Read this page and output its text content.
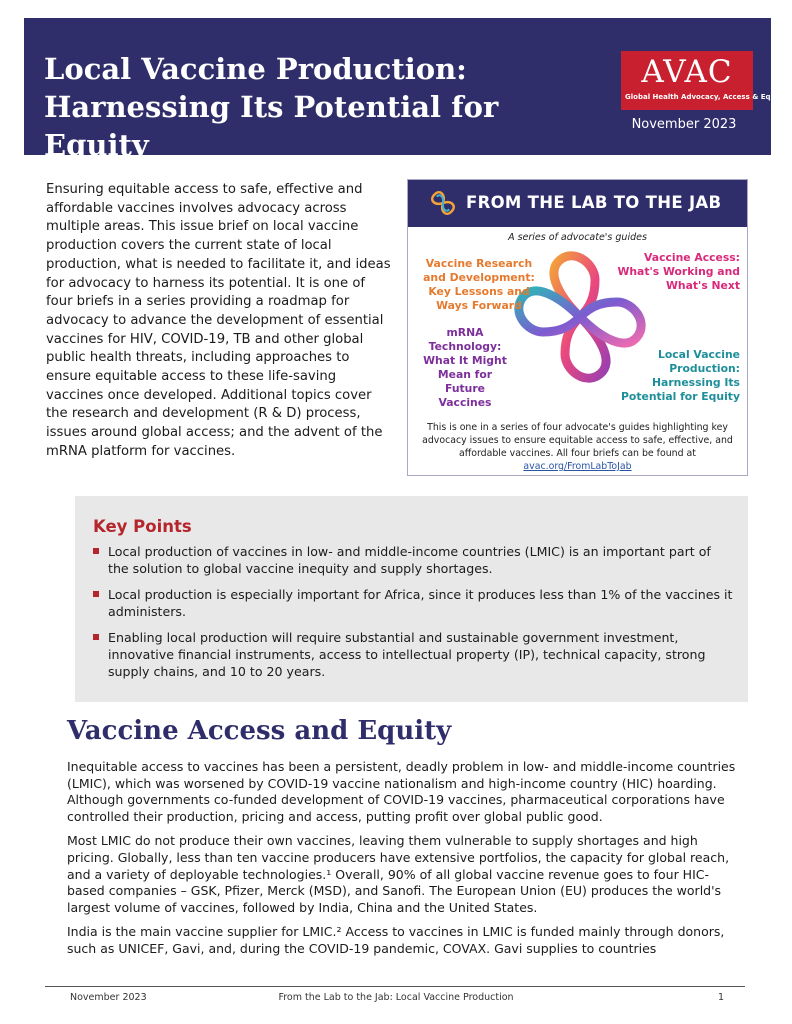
Local Vaccine Production:
Harnessing Its Potential for Equity
AVAC
Global Health Advocacy, Access & Equity
November 2023

Ensuring equitable access to safe, effective and affordable vaccines involves advocacy across multiple areas. This issue brief on local vaccine production covers the current state of local production, what is needed to facilitate it, and ideas for advocacy to harness its potential. It is one of four briefs in a series providing a roadmap for advocacy to advance the development of essential vaccines for HIV, COVID-19, TB and other global public health threats, including approaches to ensure equitable access to these life-saving vaccines once developed. Additional topics cover the research and development (R & D) process, issues around global access; and the advent of the mRNA platform for vaccines.

FROM THE LAB TO THE JAB
A series of advocate's guides
Vaccine Research and Development: Key Lessons and Ways Forward
Vaccine Access: What's Working and What's Next
mRNA Technology: What It Might Mean for Future Vaccines
Local Vaccine Production: Harnessing Its Potential for Equity
This is one in a series of four advocate's guides highlighting key advocacy issues to ensure equitable access to safe, effective, and affordable vaccines. All four briefs can be found at avac.org/FromLabToJab
Key Points
Local production of vaccines in low- and middle-income countries (LMIC) is an important part of the solution to global vaccine inequity and supply shortages.
Local production is especially important for Africa, since it produces less than 1% of the vaccines it administers.
Enabling local production will require substantial and sustainable government investment, innovative financial instruments, access to intellectual property (IP), technical capacity, strong supply chains, and 10 to 20 years.
Vaccine Access and Equity

Inequitable access to vaccines has been a persistent, deadly problem in low- and middle-income countries (LMIC), which was worsened by COVID-19 vaccine nationalism and high-income country (HIC) hoarding. Although governments co-funded development of COVID-19 vaccines, pharmaceutical corporations have controlled their production, pricing and access, putting profit over global public good.

Most LMIC do not produce their own vaccines, leaving them vulnerable to supply shortages and high pricing. Globally, less than ten vaccine producers have extensive portfolios, the capacity for global reach, and a variety of deployable technologies.¹ Overall, 90% of all global vaccine revenue goes to four HIC-based companies – GSK, Pfizer, Merck (MSD), and Sanofi. The European Union (EU) produces the world's largest volume of vaccines, followed by India, China and the United States.

India is the main vaccine supplier for LMIC.² Access to vaccines in LMIC is funded mainly through donors, such as UNICEF, Gavi, and, during the COVID-19 pandemic, COVAX. Gavi supplies to countries

November 2023	From the Lab to the Jab: Local Vaccine Production	1
